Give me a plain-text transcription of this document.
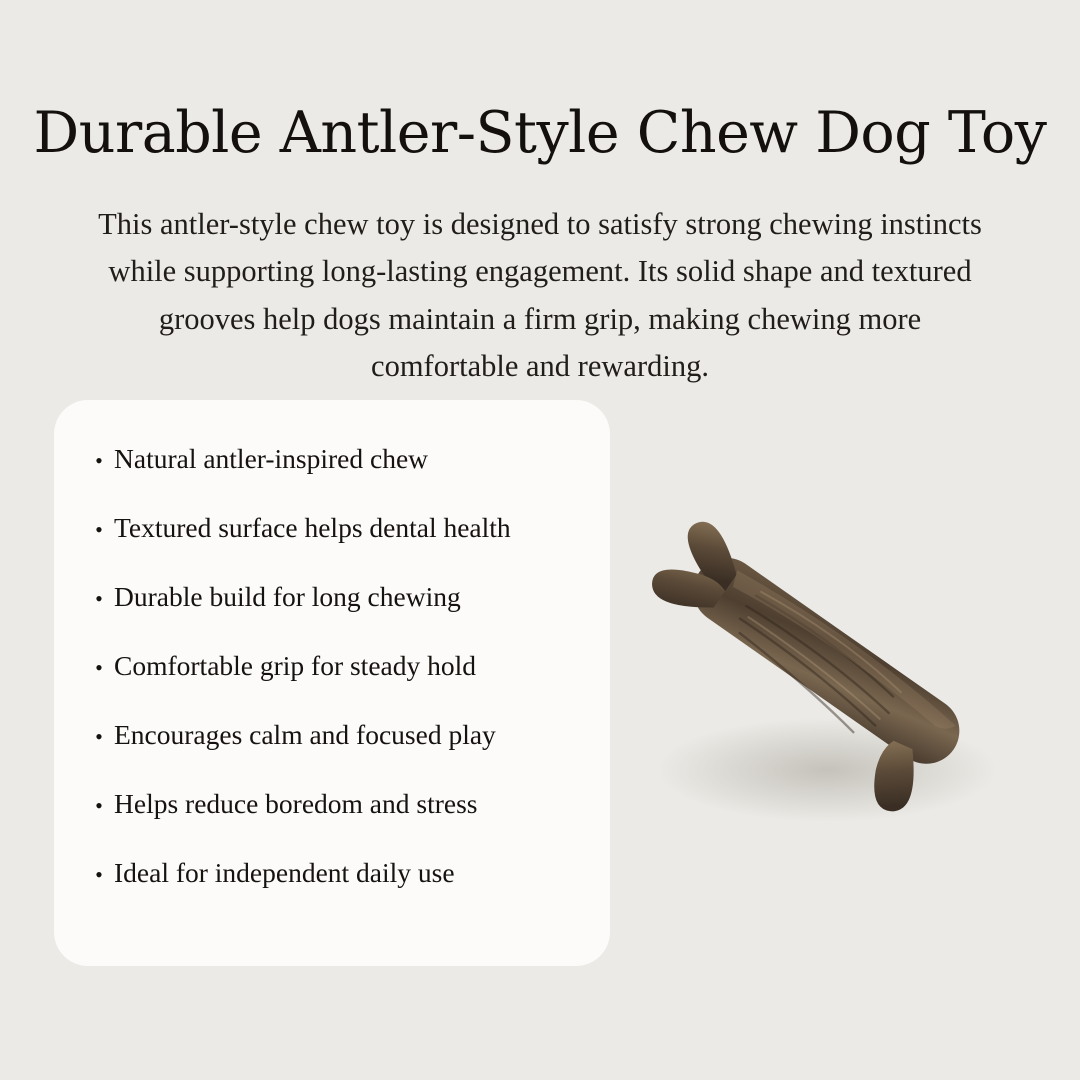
Durable Antler-Style Chew Dog Toy

This antler-style chew toy is designed to satisfy strong chewing instincts while supporting long-lasting engagement. Its solid shape and textured grooves help dogs maintain a firm grip, making chewing more comfortable and rewarding.

• Natural antler-inspired chew
• Textured surface helps dental health
• Durable build for long chewing
• Comfortable grip for steady hold
• Encourages calm and focused play
• Helps reduce boredom and stress
• Ideal for independent daily use
